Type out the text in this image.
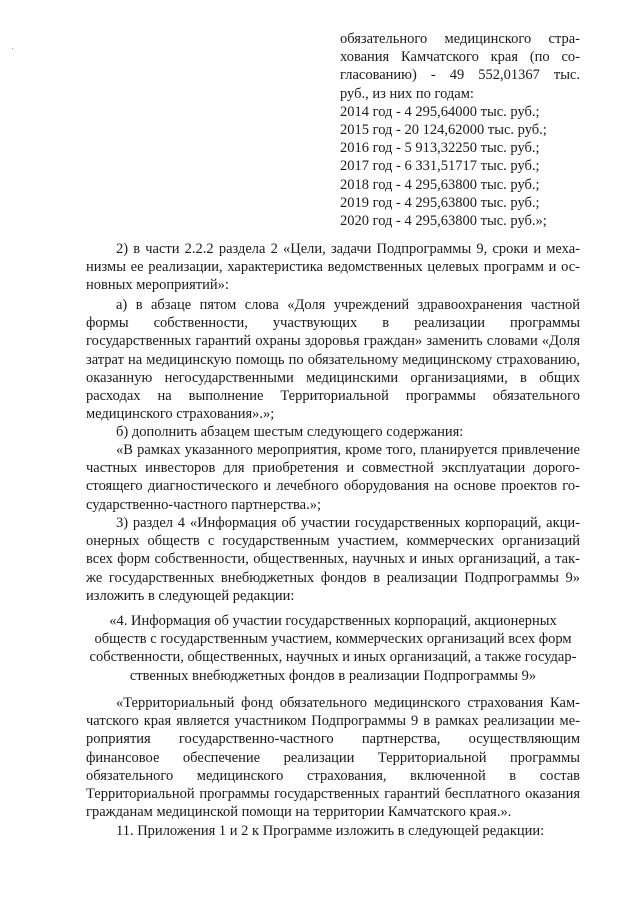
обязательного медицинского стра-

хования Камчатского края (по со-

гласованию) - 49 552,01367 тыс.

руб., из них по годам:

2014 год - 4 295,64000 тыс. руб.;

2015 год - 20 124,62000 тыс. руб.;

2016 год - 5 913,32250 тыс. руб.;

2017 год - 6 331,51717 тыс. руб.;

2018 год - 4 295,63800 тыс. руб.;

2019 год - 4 295,63800 тыс. руб.;

2020 год - 4 295,63800 тыс. руб.»;

2) в части 2.2.2 раздела 2 «Цели, задачи Подпрограммы 9, сроки и механизмы ее реализации, характеристика ведомственных целевых программ и основных мероприятий»:

а) в абзаце пятом слова «Доля учреждений здравоохранения частной формы собственности, участвующих в реализации программы государственных гарантий охраны здоровья граждан» заменить словами «Доля затрат на медицинскую помощь по обязательному медицинскому страхованию, оказанную негосударственными медицинскими организациями, в общих расходах на выполнение Территориальной программы обязательного медицинского страхования».»;

б) дополнить абзацем шестым следующего содержания:

«В рамках указанного мероприятия, кроме того, планируется привлечение частных инвесторов для приобретения и совместной эксплуатации дорогостоящего диагностического и лечебного оборудования на основе проектов государственно-частного партнерства.»;

3) раздел 4 «Информация об участии государственных корпораций, акционерных обществ с государственным участием, коммерческих организаций всех форм собственности, общественных, научных и иных организаций, а также государственных внебюджетных фондов в реализации Подпрограммы 9» изложить в следующей редакции:

«4. Информация об участии государственных корпораций, акционерных обществ с государственным участием, коммерческих организаций всех форм собственности, общественных, научных и иных организаций, а также государственных внебюджетных фондов в реализации Подпрограммы 9»

«Территориальный фонд обязательного медицинского страхования Камчатского края является участником Подпрограммы 9 в рамках реализации мероприятия государственно-частного партнерства, осуществляющим финансовое обеспечение реализации Территориальной программы обязательного медицинского страхования, включенной в состав Территориальной программы государственных гарантий бесплатного оказания гражданам медицинской помощи на территории Камчатского края.».

11. Приложения 1 и 2 к Программе изложить в следующей редакции:
